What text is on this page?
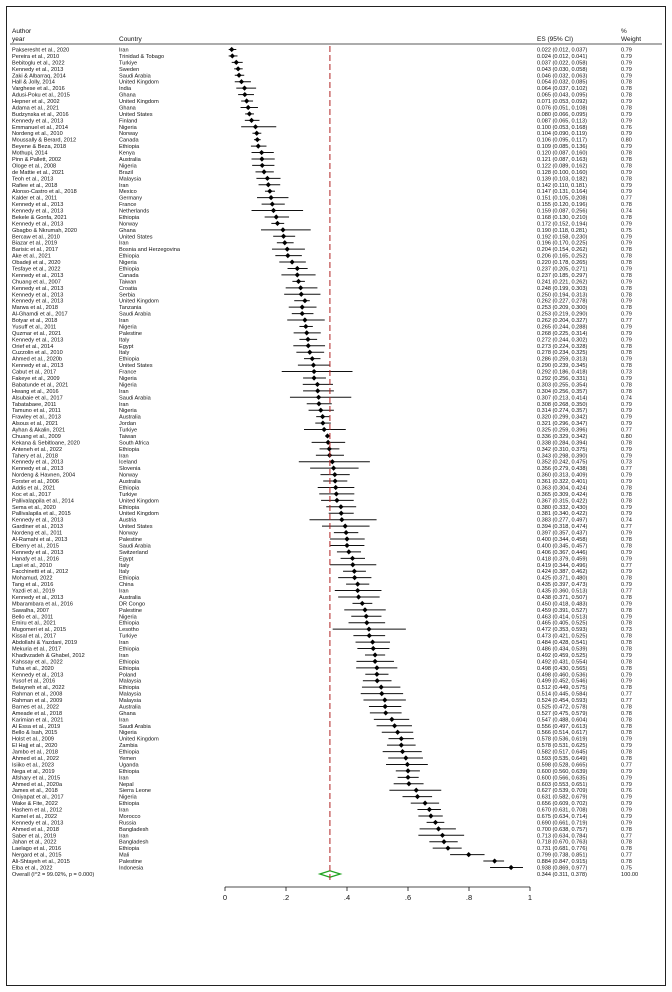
Author
year	Country	ES (95% CI)
%
Weight
Pakseresht et al., 2020	Iran	0.022 (0.012, 0.037)	0.79
Pereira et al., 2010	Trinidad & Tobago	0.024 (0.012, 0.041)	0.79
Bebitoglu et al., 2022	Turkiye	0.037 (0.022, 0.058)	0.79
Kennedy et al., 2013	Sweden	0.043 (0.030, 0.058)	0.79
Zaki & Albarraq, 2014	Saudi Arabia	0.046 (0.032, 0.063)	0.79
Hall & Jolly, 2014	United Kingdom	0.054 (0.032, 0.085)	0.78
Varghese et al., 2016	India	0.064 (0.037, 0.102)	0.78
Adusi-Poku et al., 2015	Ghana	0.065 (0.043, 0.095)	0.78
Hepner et al., 2002	United Kingdom	0.071 (0.053, 0.092)	0.79
Adama et al., 2021	Ghana	0.076 (0.051, 0.108)	0.78
Budzynska et al., 2016	United States	0.080 (0.066, 0.095)	0.79
Kennedy et al., 2013	Finland	0.087 (0.065, 0.113)	0.79
Emmanuel et al., 2014	Nigeria	0.100 (0.053, 0.168)	0.76
Nordeng et al., 2010	Norway	0.104 (0.090, 0.119)	0.79
Moussally & Berard, 2012	Canada	0.106 (0.095, 0.117)	0.80
Beyene & Beza, 2018	Ethiopia	0.109 (0.085, 0.136)	0.79
Mothupi, 2014	Kenya	0.120 (0.087, 0.160)	0.78
Pinn & Pallett, 2002	Australia	0.121 (0.087, 0.163)	0.78
Ologe et al., 2008	Nigeria	0.122 (0.089, 0.162)	0.78
de Mattie et al., 2021	Brazil	0.128 (0.100, 0.160)	0.79
Teoh et al., 2013	Malaysia	0.139 (0.103, 0.182)	0.78
Rafiee et al., 2018	Iran	0.142 (0.110, 0.181)	0.79
Alonso-Castro et al., 2018	Mexico	0.147 (0.131, 0.164)	0.79
Kalder et al., 2011	Germany	0.151 (0.105, 0.208)	0.77
Kennedy et al., 2013	France	0.155 (0.120, 0.196)	0.78
Kennedy et al., 2013	Netherlands	0.159 (0.087, 0.256)	0.74
Bekele & Gonfa, 2021	Ethiopia	0.168 (0.130, 0.210)	0.78
Kennedy et al., 2013	Norway	0.172 (0.152, 0.194)	0.79
Gbagbo & Nkrumah, 2020	Ghana	0.190 (0.118, 0.281)	0.75
Bercaw et al., 2010	United States	0.192 (0.158, 0.230)	0.79
Biazar et al., 2019	Iran	0.196 (0.170, 0.225)	0.79
Barisic et al., 2017	Bosnia and Herzegovina	0.204 (0.154, 0.262)	0.78
Ake et al., 2021	Ethiopia	0.206 (0.165, 0.252)	0.78
Obadeji et al., 2020	Nigeria	0.220 (0.178, 0.265)	0.78
Tesfaye et al., 2022	Ethiopia	0.237 (0.205, 0.271)	0.79
Kennedy et al., 2013	Canada	0.237 (0.185, 0.297)	0.78
Chuang et al., 2007	Taiwan	0.241 (0.221, 0.262)	0.79
Kennedy et al., 2013	Croatia	0.248 (0.199, 0.303)	0.78
Kennedy et al., 2013	Serbia	0.250 (0.194, 0.313)	0.78
Kennedy et al., 2013	United Kingdom	0.262 (0.227, 0.278)	0.79
Marwa et al., 2018	Tanzania	0.253 (0.209, 0.300)	0.78
Al-Ghamdi et al., 2017	Saudi Arabia	0.253 (0.219, 0.290)	0.79
Botyar et al., 2018	Iran	0.262 (0.204, 0.327)	0.77
Yusuff et al., 2011	Nigeria	0.265 (0.244, 0.288)	0.79
Quzmar et al., 2021	Palestine	0.268 (0.225, 0.314)	0.79
Kennedy et al., 2013	Italy	0.272 (0.244, 0.302)	0.79
Orief et al., 2014	Egypt	0.273 (0.224, 0.328)	0.78
Cuzzolin et al., 2010	Italy	0.278 (0.234, 0.325)	0.78
Ahmed et al., 2020b	Ethiopia	0.286 (0.259, 0.313)	0.79
Kennedy et al., 2013	United States	0.290 (0.239, 0.345)	0.78
Cabut et al., 2017	France	0.292 (0.186, 0.418)	0.73
Fakeye et al., 2009	Nigeria	0.292 (0.256, 0.331)	0.79
Babatunde et al., 2021	Nigeria	0.303 (0.255, 0.354)	0.78
Hwang et al., 2016	Iran	0.304 (0.256, 0.357)	0.78
Alsubaie et al., 2017	Saudi Arabia	0.307 (0.213, 0.414)	0.74
Tabatabaee, 2011	Iran	0.308 (0.268, 0.350)	0.79
Tamuno et al., 2011	Nigeria	0.314 (0.274, 0.357)	0.79
Frawley et al., 2013	Australia	0.320 (0.299, 0.342)	0.79
Alsous et al., 2021	Jordan	0.321 (0.296, 0.347)	0.79
Ayhan & Akalin, 2021	Turkiye	0.325 (0.259, 0.396)	0.77
Chuang et al., 2009	Taiwan	0.336 (0.329, 0.342)	0.80
Kekana & Sebitloane, 2020	South Africa	0.338 (0.284, 0.394)	0.78
Anteneh et al., 2022	Ethiopia	0.342 (0.310, 0.375)	0.79
Tahery et al., 2018	Iran	0.343 (0.298, 0.390)	0.79
Kennedy et al., 2013	Iceland	0.352 (0.242, 0.475)	0.73
Kennedy et al., 2013	Slovenia	0.356 (0.279, 0.438)	0.77
Nordeng & Havnen, 2004	Norway	0.360 (0.313, 0.409)	0.79
Forster et al., 2006	Australia	0.361 (0.322, 0.401)	0.79
Addis et al., 2021	Ethiopia	0.363 (0.304, 0.424)	0.78
Koc et al., 2017	Turkiye	0.365 (0.309, 0.424)	0.78
Pallivalappila et al., 2014	United Kingdom	0.367 (0.315, 0.422)	0.78
Sema et al., 2020	Ethiopia	0.380 (0.332, 0.430)	0.79
Pallivalapila et al., 2015	United Kingdom	0.381 (0.340, 0.422)	0.79
Kennedy et al., 2013	Austria	0.383 (0.277, 0.497)	0.74
Gardiner et al., 2013	United States	0.394 (0.318, 0.474)	0.77
Nordeng et al., 2011	Norway	0.397 (0.357, 0.437)	0.79
Al-Ramahi et al., 2013	Palestine	0.400 (0.344, 0.458)	0.78
Elberry et al., 2015	Saudi Arabia	0.400 (0.345, 0.457)	0.78
Kennedy et al., 2013	Switzerland	0.406 (0.367, 0.446)	0.79
Hanafy et al., 2016	Egypt	0.418 (0.379, 0.459)	0.79
Lapi et al., 2010	Italy	0.419 (0.344, 0.496)	0.77
Facchinetti et al., 2012	Italy	0.424 (0.387, 0.462)	0.79
Mohamud, 2022	Ethiopia	0.425 (0.371, 0.480)	0.78
Tang et al., 2016	China	0.435 (0.397, 0.473)	0.79
Yazdi et al., 2019	Iran	0.435 (0.360, 0.513)	0.77
Kennedy et al., 2013	Australia	0.438 (0.371, 0.507)	0.78
Mbarambara et al., 2016	DR Congo	0.450 (0.418, 0.483)	0.79
Sawalha, 2007	Palestine	0.459 (0.391, 0.527)	0.78
Bello et al., 2011	Nigeria	0.463 (0.414, 0.513)	0.79
Emiru et al., 2021	Ethiopia	0.465 (0.405, 0.525)	0.78
Mugomeri et al., 2015	Lesotho	0.472 (0.353, 0.593)	0.73
Kissal et al., 2017	Turkiye	0.473 (0.421, 0.525)	0.78
Abdollahi & Yazdani, 2019	Iran	0.484 (0.428, 0.541)	0.78
Mekuria et al., 2017	Ethiopia	0.486 (0.434, 0.539)	0.78
Khadivzadeh & Ghabel, 2012	Iran	0.492 (0.459, 0.525)	0.79
Kahssay et al., 2022	Ethiopia	0.492 (0.431, 0.554)	0.78
Tuha et al., 2020	Ethiopia	0.498 (0.430, 0.565)	0.78
Kennedy et al., 2013	Poland	0.498 (0.460, 0.536)	0.79
Yusof et al., 2016	Malaysia	0.499 (0.452, 0.546)	0.79
Belayneh et al., 2022	Ethiopia	0.512 (0.449, 0.575)	0.78
Rahman et al., 2008	Malaysia	0.514 (0.445, 0.584)	0.77
Rahman et al., 2009	Malaysia	0.524 (0.454, 0.593)	0.77
Barnes et al., 2022	Australia	0.525 (0.472, 0.578)	0.78
Ameade et al., 2018	Ghana	0.527 (0.475, 0.579)	0.78
Karimian et al., 2021	Iran	0.547 (0.488, 0.604)	0.78
Al Essa et al., 2019	Saudi Arabia	0.556 (0.497, 0.613)	0.78
Bello & Isah, 2015	Nigeria	0.566 (0.514, 0.617)	0.78
Holst et al., 2009	United Kingdom	0.578 (0.536, 0.619)	0.79
El Hajj et al., 2020	Zambia	0.578 (0.531, 0.625)	0.79
Jambo et al., 2018	Ethiopia	0.582 (0.517, 0.645)	0.78
Ahmed et al., 2022	Yemen	0.593 (0.535, 0.649)	0.78
Isiiko et al., 2023	Uganda	0.598 (0.528, 0.665)	0.77
Nega et al., 2019	Ethiopia	0.600 (0.560, 0.639)	0.79
Afshary et al., 2015	Iran	0.600 (0.566, 0.635)	0.79
Ahmed et al., 2020a	Nepal	0.603 (0.553, 0.651)	0.79
James et al., 2018	Sierra Leone	0.627 (0.539, 0.709)	0.76
Oniyapat et al., 2017	Nigeria	0.631 (0.582, 0.679)	0.79
Wake & Fite, 2022	Ethiopia	0.656 (0.609, 0.702)	0.79
Hashem et al., 2012	Iran	0.670 (0.631, 0.708)	0.79
Kamel et al., 2022	Morocco	0.675 (0.634, 0.714)	0.79
Kennedy et al., 2013	Russia	0.690 (0.661, 0.719)	0.79
Ahmed et al., 2018	Bangladesh	0.700 (0.638, 0.757)	0.78
Saber et al., 2019	Iran	0.713 (0.634, 0.784)	0.77
Jahan et al., 2022	Bangladesh	0.718 (0.670, 0.763)	0.78
Laelago et al., 2016	Ethiopia	0.731 (0.681, 0.776)	0.78
Nergard et al., 2015	Mali	0.799 (0.738, 0.851)	0.77
Ali-Shtayeh et al., 2015	Palestine	0.884 (0.847, 0.915)	0.78
Elba et al., 2022	Indonesia	0.938 (0.869, 0.977)	0.75
Overall (I^2 = 99.02%, p = 0.000)	0.344 (0.311, 0.378)	100.00
0	.2	.4	.6	.8	1
